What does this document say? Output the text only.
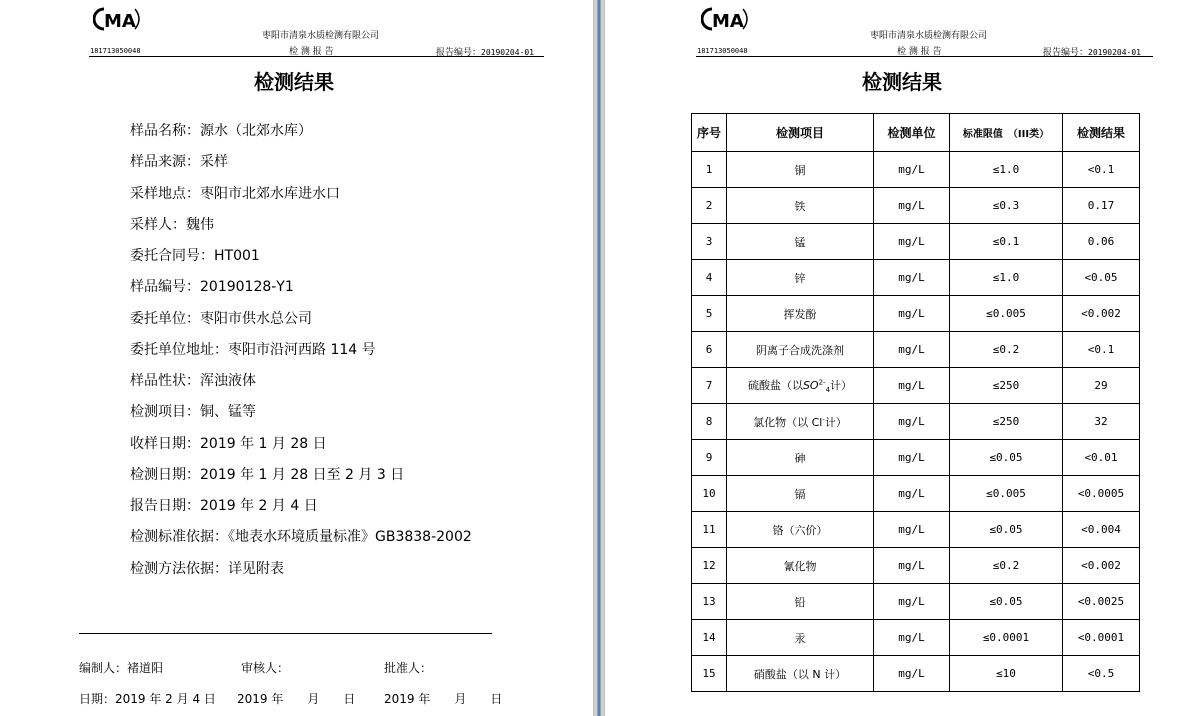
MA
枣阳市清泉水质检测有限公司
181713050048	检 测 报 告	报告编号：20190204-01
检测结果
样品名称：源水（北郊水库）
样品来源：采样
采样地点：枣阳市北郊水库进水口
采样人：魏伟
委托合同号：HT001
样品编号：20190128-Y1
委托单位：枣阳市供水总公司
委托单位地址：枣阳市沿河西路 114 号
样品性状：浑浊液体
检测项目：铜、锰等
收样日期：2019 年 1 月 28 日
检测日期：2019 年 1 月 28 日至 2 月 3 日
报告日期：2019 年 2 月 4 日
检测标准依据：《地表水环境质量标准》GB3838-2002
检测方法依据：详见附表
编制人：褚道阳	审核人：	批准人：
日期：2019 年 2 月 4 日 2019 年　　月　　日 2019 年　　月　　日
MA
枣阳市清泉水质检测有限公司
181713050048	检 测 报 告	报告编号：20190204-01
检测结果
序号	检测项目	检测单位	标准限值　（III类）	检测结果
1	铜	mg/L	≤1.0	<0.1
2	铁	mg/L	≤0.3	0.17
3	锰	mg/L	≤0.1	0.06
4	锌	mg/L	≤1.0	<0.05
5	挥发酚	mg/L	≤0.005	<0.002
6	阴离子合成洗涤剂	mg/L	≤0.2	<0.1
7	硫酸盐（以$SO^{2-}_4$计）	mg/L	≤250	29
8	氯化物（以 Cl-计）	mg/L	≤250	32
9	砷	mg/L	≤0.05	<0.01
10	镉	mg/L	≤0.005	<0.0005
11	铬（六价）	mg/L	≤0.05	<0.004
12	氰化物	mg/L	≤0.2	<0.002
13	铅	mg/L	≤0.05	<0.0025
14	汞	mg/L	≤0.0001	<0.0001
15	硝酸盐（以 N 计）	mg/L	≤10	<0.5
